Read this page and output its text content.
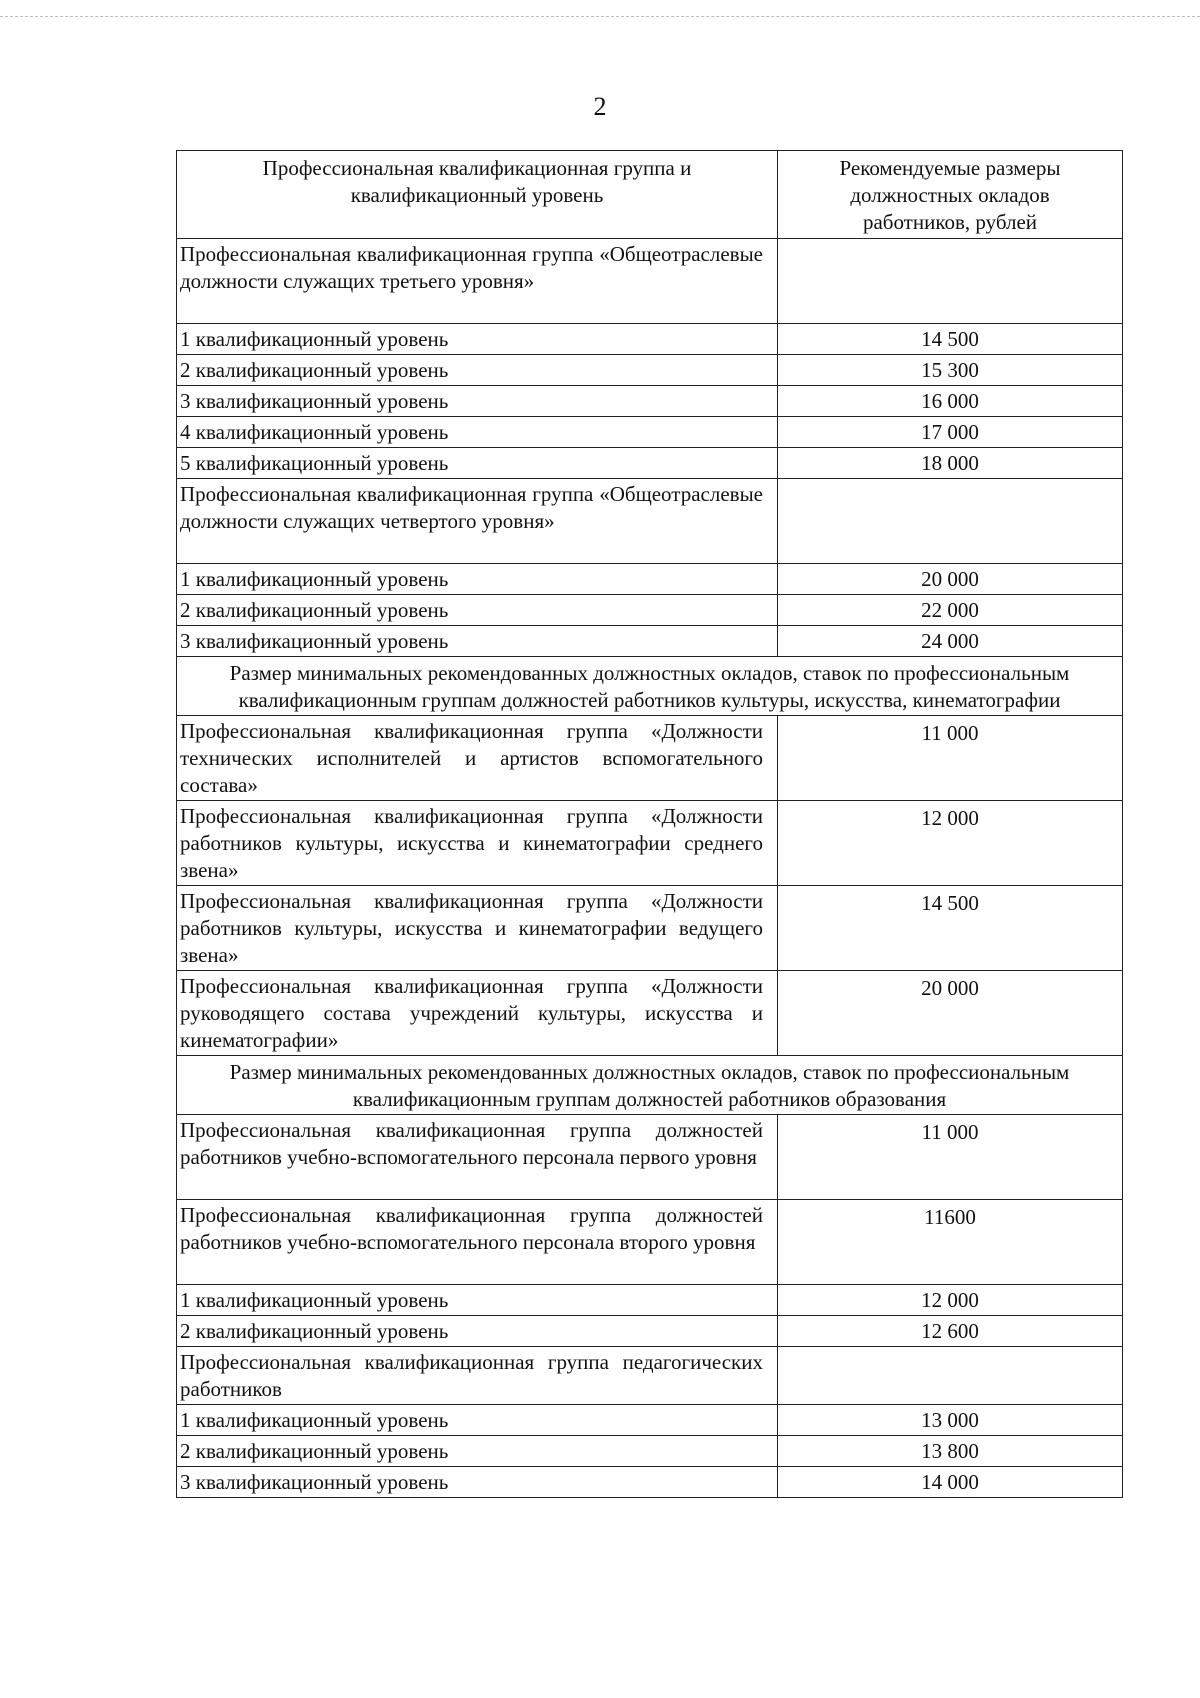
2
Профессиональная квалификационная группа и квалификационный уровень	Рекомендуемые размеры должностных окладов работников, рублей
Профессиональная квалификационная группа «Общеотраслевые должности служащих третьего уровня»	
1 квалификационный уровень	14 500
2 квалификационный уровень	15 300
3 квалификационный уровень	16 000
4 квалификационный уровень	17 000
5 квалификационный уровень	18 000
Профессиональная квалификационная группа «Общеотраслевые должности служащих четвертого уровня»	
1 квалификационный уровень	20 000
2 квалификационный уровень	22 000
3 квалификационный уровень	24 000
Размер минимальных рекомендованных должностных окладов, ставок по профессиональным квалификационным группам должностей работников культуры, искусства, кинематографии	
Профессиональная квалификационная группа «Должности технических исполнителей и артистов вспомогательного состава»	11 000
Профессиональная квалификационная группа «Должности работников культуры, искусства и кинематографии среднего звена»	12 000
Профессиональная квалификационная группа «Должности работников культуры, искусства и кинематографии ведущего звена»	14 500
Профессиональная квалификационная группа «Должности руководящего состава учреждений культуры, искусства и кинематографии»	20 000
Размер минимальных рекомендованных должностных окладов, ставок по профессиональным квалификационным группам должностей работников образования	
Профессиональная квалификационная группа должностей работников учебно-вспомогательного персонала первого уровня	11 000
Профессиональная квалификационная группа должностей работников учебно-вспомогательного персонала второго уровня	11600
1 квалификационный уровень	12 000
2 квалификационный уровень	12 600
Профессиональная квалификационная группа педагогических работников	
1 квалификационный уровень	13 000
2 квалификационный уровень	13 800
3 квалификационный уровень	14 000
